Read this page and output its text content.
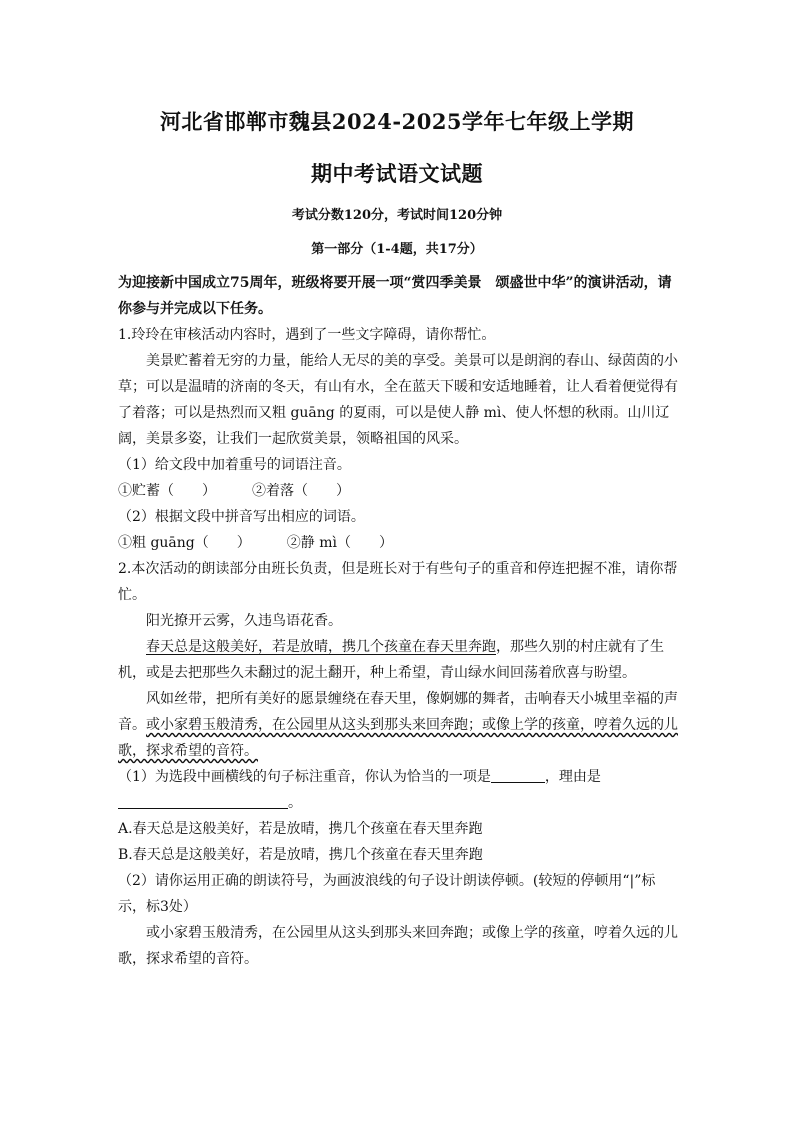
河北省邯郸市魏县2024-2025学年七年级上学期
期中考试语文试题
考试分数120分，考试时间120分钟
第一部分（1-4题，共17分）

为迎接新中国成立75周年，班级将要开展一项“赏四季美景　颂盛世中华”的演讲活动，请你参与并完成以下任务。

1.玲玲在审核活动内容时，遇到了一些文字障碍，请你帮忙。

美景贮蓄着无穷的力量，能给人无尽的美的享受。美景可以是朗润的春山、绿茵茵的小草；可以是温晴的济南的冬天，有山有水，全在蓝天下暖和安适地睡着，让人看着便觉得有了着落；可以是热烈而又粗 guāng 的夏雨，可以是使人静 mì、使人怀想的秋雨。山川辽阔，美景多姿，让我们一起欣赏美景，领略祖国的风采。

（1）给文段中加着重号的词语注音。

①贮蓄（　　）	②着落（　　）

（2）根据文段中拼音写出相应的词语。

①粗 guāng（　　）	②静 mì（　　）

2.本次活动的朗读部分由班长负责，但是班长对于有些句子的重音和停连把握不准，请你帮忙。

阳光撩开云雾，久违鸟语花香。

春天总是这般美好，若是放晴，携几个孩童在春天里奔跑，那些久别的村庄就有了生机，或是去把那些久未翻过的泥土翻开，种上希望，青山绿水间回荡着欣喜与盼望。

风如丝带，把所有美好的愿景缠绕在春天里，像婀娜的舞者，击响春天小城里幸福的声音。或小家碧玉般清秀，在公园里从这头到那头来回奔跑；或像上学的孩童，哼着久远的儿歌，探求希望的音符。

（1）为选段中画横线的句子标注重音，你认为恰当的一项是	，理由是
。

A.春天总是这般美好，若是放晴，携几个孩童在春天里奔跑

B.春天总是这般美好，若是放晴，携几个孩童在春天里奔跑

（2）请你运用正确的朗读符号，为画波浪线的句子设计朗读停顿。(较短的停顿用“|”标示，标3处）

或小家碧玉般清秀，在公园里从这头到那头来回奔跑；或像上学的孩童，哼着久远的儿歌，探求希望的音符。
